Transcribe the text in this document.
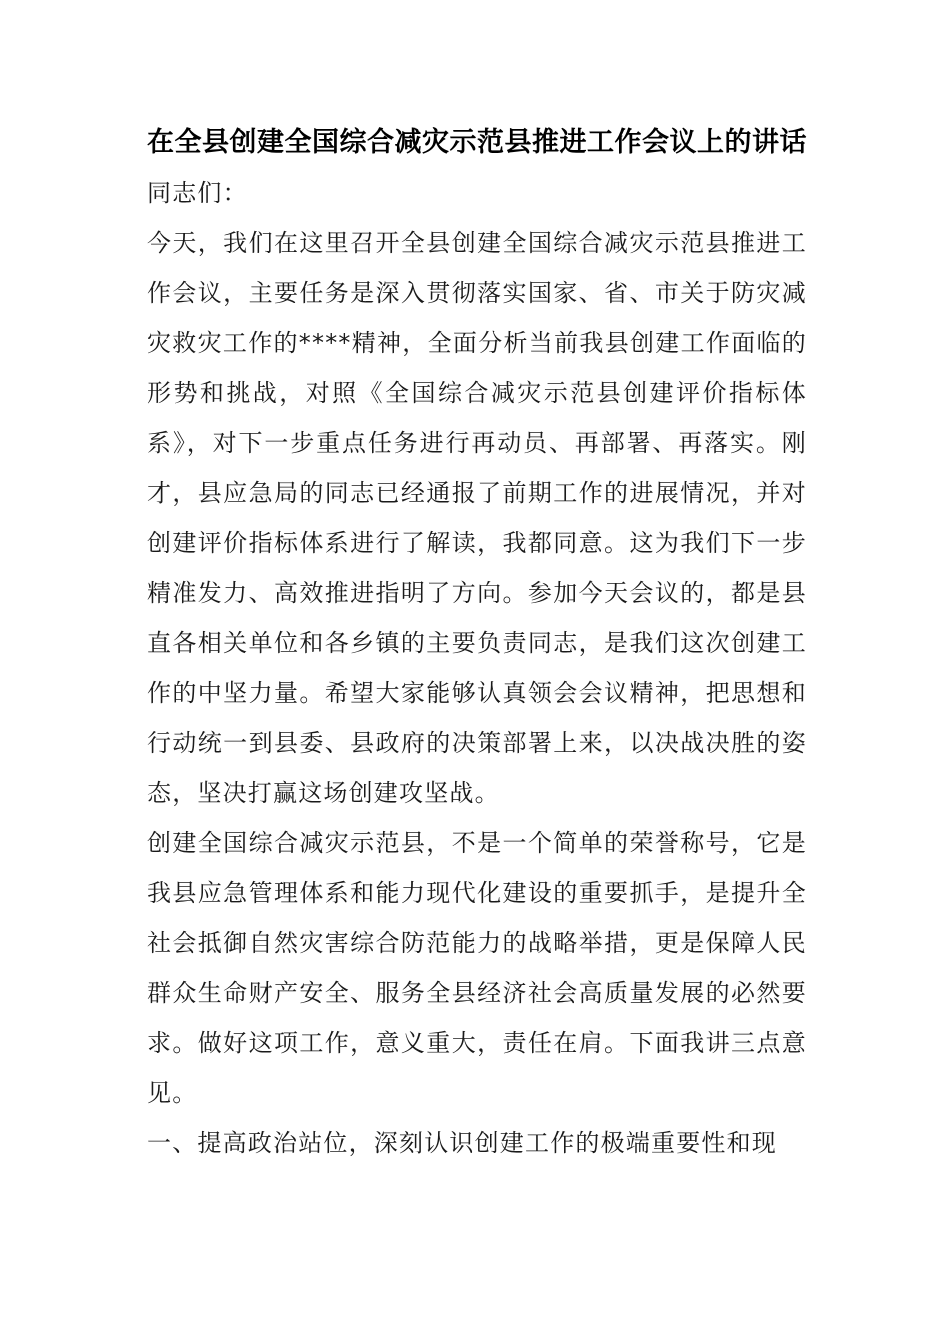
在全县创建全国综合减灾示范县推进工作会议上的讲话

同志们：

今天，我们在这里召开全县创建全国综合减灾示范县推进工作会议，主要任务是深入贯彻落实国家、省、市关于防灾减灾救灾工作的****精神，全面分析当前我县创建工作面临的形势和挑战，对照《全国综合减灾示范县创建评价指标体系》，对下一步重点任务进行再动员、再部署、再落实。刚才，县应急局的同志已经通报了前期工作的进展情况，并对创建评价指标体系进行了解读，我都同意。这为我们下一步精准发力、高效推进指明了方向。参加今天会议的，都是县直各相关单位和各乡镇的主要负责同志，是我们这次创建工作的中坚力量。希望大家能够认真领会会议精神，把思想和行动统一到县委、县政府的决策部署上来，以决战决胜的姿态，坚决打赢这场创建攻坚战。

创建全国综合减灾示范县，不是一个简单的荣誉称号，它是我县应急管理体系和能力现代化建设的重要抓手，是提升全社会抵御自然灾害综合防范能力的战略举措，更是保障人民群众生命财产安全、服务全县经济社会高质量发展的必然要求。做好这项工作，意义重大，责任在肩。下面我讲三点意见。

一、提高政治站位，深刻认识创建工作的极端重要性和现
